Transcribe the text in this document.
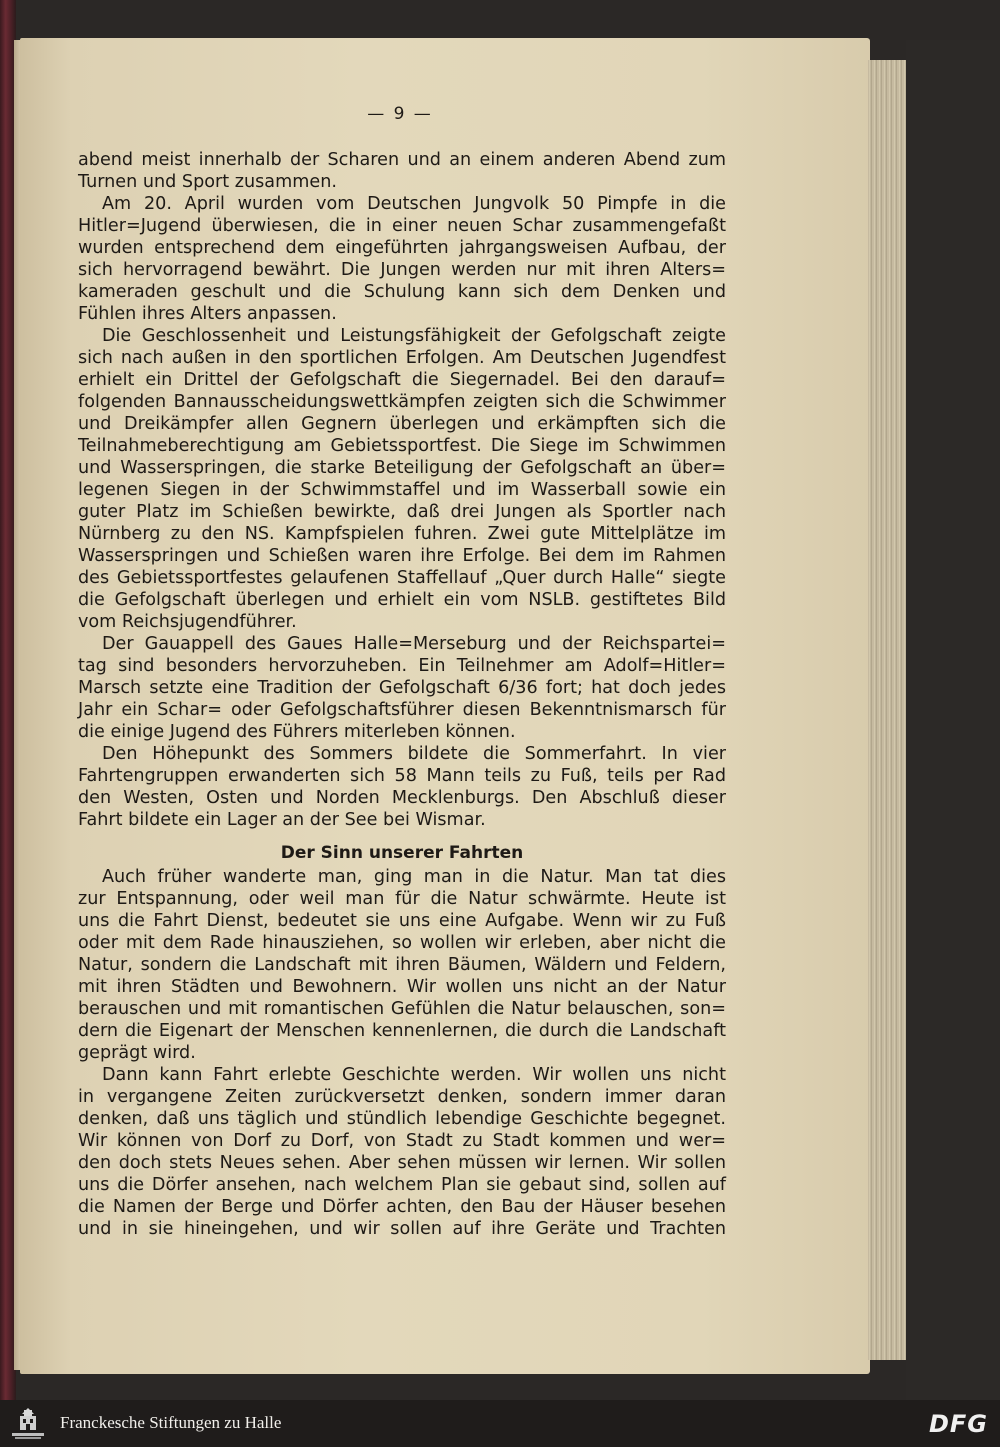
— 9 —
abend meist innerhalb der Scharen und an einem anderen Abend zum
Turnen und Sport zusammen.
Am 20. April wurden vom Deutschen Jungvolk 50 Pimpfe in die
Hitler=Jugend überwiesen, die in einer neuen Schar zusammengefaßt
wurden entsprechend dem eingeführten jahrgangsweisen Aufbau, der
sich hervorragend bewährt. Die Jungen werden nur mit ihren Alters=
kameraden geschult und die Schulung kann sich dem Denken und
Fühlen ihres Alters anpassen.
Die Geschlossenheit und Leistungsfähigkeit der Gefolgschaft zeigte
sich nach außen in den sportlichen Erfolgen. Am Deutschen Jugendfest
erhielt ein Drittel der Gefolgschaft die Siegernadel. Bei den darauf=
folgenden Bannausscheidungswettkämpfen zeigten sich die Schwimmer
und Dreikämpfer allen Gegnern überlegen und erkämpften sich die
Teilnahmeberechtigung am Gebietssportfest. Die Siege im Schwimmen
und Wasserspringen, die starke Beteiligung der Gefolgschaft an über=
legenen Siegen in der Schwimmstaffel und im Wasserball sowie ein
guter Platz im Schießen bewirkte, daß drei Jungen als Sportler nach
Nürnberg zu den NS. Kampfspielen fuhren. Zwei gute Mittelplätze im
Wasserspringen und Schießen waren ihre Erfolge. Bei dem im Rahmen
des Gebietssportfestes gelaufenen Staffellauf „Quer durch Halle“ siegte
die Gefolgschaft überlegen und erhielt ein vom NSLB. gestiftetes Bild
vom Reichsjugendführer.
Der Gauappell des Gaues Halle=Merseburg und der Reichspartei=
tag sind besonders hervorzuheben. Ein Teilnehmer am Adolf=Hitler=
Marsch setzte eine Tradition der Gefolgschaft 6/36 fort; hat doch jedes
Jahr ein Schar= oder Gefolgschaftsführer diesen Bekenntnismarsch für
die einige Jugend des Führers miterleben können.
Den Höhepunkt des Sommers bildete die Sommerfahrt. In vier
Fahrtengruppen erwanderten sich 58 Mann teils zu Fuß, teils per Rad
den Westen, Osten und Norden Mecklenburgs. Den Abschluß dieser
Fahrt bildete ein Lager an der See bei Wismar.
Der Sinn unserer Fahrten
Auch früher wanderte man, ging man in die Natur. Man tat dies
zur Entspannung, oder weil man für die Natur schwärmte. Heute ist
uns die Fahrt Dienst, bedeutet sie uns eine Aufgabe. Wenn wir zu Fuß
oder mit dem Rade hinausziehen, so wollen wir erleben, aber nicht die
Natur, sondern die Landschaft mit ihren Bäumen, Wäldern und Feldern,
mit ihren Städten und Bewohnern. Wir wollen uns nicht an der Natur
berauschen und mit romantischen Gefühlen die Natur belauschen, son=
dern die Eigenart der Menschen kennenlernen, die durch die Landschaft
geprägt wird.
Dann kann Fahrt erlebte Geschichte werden. Wir wollen uns nicht
in vergangene Zeiten zurückversetzt denken, sondern immer daran
denken, daß uns täglich und stündlich lebendige Geschichte begegnet.
Wir können von Dorf zu Dorf, von Stadt zu Stadt kommen und wer=
den doch stets Neues sehen. Aber sehen müssen wir lernen. Wir sollen
uns die Dörfer ansehen, nach welchem Plan sie gebaut sind, sollen auf
die Namen der Berge und Dörfer achten, den Bau der Häuser besehen
und in sie hineingehen, und wir sollen auf ihre Geräte und Trachten
Franckesche Stiftungen zu Halle	DFG
